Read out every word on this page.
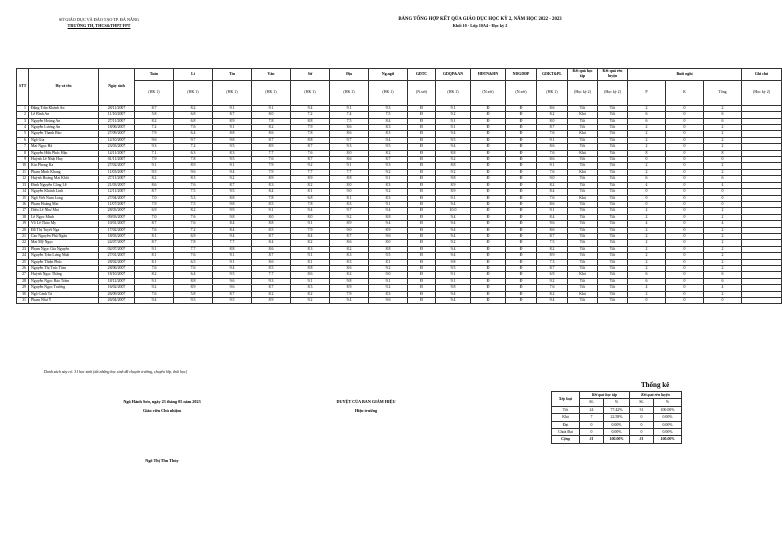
SỞ GIÁO DỤC VÀ ĐÀO TẠO TP. ĐÀ NẴNG
TRƯỜNG TH, THCS&THPT FPT
BẢNG TỔNG HỢP KẾT QỦA GIÁO DỤC HỌC KỲ 2, NĂM HỌC 2022 - 2023
Khối 10 - Lớp 10A4 - Học kỳ 2
STT	Họ và tên	Ngày sinh	Toán	Lí	Tin	Văn	Sử	Địa	Ng.ngữ	GDTC	GDQP&AN	HĐTN&HN	NDGDĐP	GDKT&PL	Kết quả học tập	Kết quả rèn luyện	Buổi nghỉ			Ghi chú
			(HK 1)	(HK 1)	(HK 1)	(HK 1)	(HK 1)	(HK 1)	(HK 1)	(N.xét)	(HK 1)	(N.xét)	(N.xét)	(HK 1)	(Học kỳ 2)	(Học kỳ 2)	P	K	Tổng	(Học kỳ 2)
1	Đặng Trần Khánh An	28/11/2007	8.7	8.2	9.1	9.1	9.4	9.1	9.3	Đ	9.1	Đ	Đ	8.6	Tốt	Tốt	2	0	2	
2	Lê Bình An	11/10/2007	5.8	6.8	8.7	8.0	7.2	7.4	7.5	Đ	9.2	Đ	Đ	8.2	Khá	Tốt	6	0	6	
3	Nguyễn Hoàng An	27/11/2007	8.2	6.8	8.9	7.8	8.8	7.5	8.4	Đ	9.1	Đ	Đ	8.0	Tốt	Tốt	6	0	6	
4	Nguyễn Lương An	18/06/2007	7.2	7.6	9.1	8.2	7.9	8.6	8.3	Đ	9.1	Đ	Đ	8.7	Tốt	Tốt	2	0	2	
5	Nguyễn Thanh Bảo	27/09/2007	7.9	6.4	8.8	8.6	7.8	8.6	8.3	Đ	9.4	Đ	Đ	7.6	Khá	Tốt	2	0	2	
6	Ngô Gia	12/10/2007	9.6	9.7	9.8	8.7	8.8	9.7	9.4	Đ	9.5	Đ	Đ	9.1	Tốt	Tốt	2	0	2	
7	Mai Ngọc Hà	23/03/2007	9.3	7.2	9.5	8.9	8.7	9.3	9.5	Đ	9.4	Đ	Đ	8.6	Tốt	Tốt	2	0	2	
8	Nguyễn Hữu Phúc Hậu	14/11/2007	7.1	6.3	8.3	7.7	7.6	8.0	8.2	Đ	8.8	Đ	Đ	7.6	Khá	Tốt	8	0	8	
9	Huỳnh Lê Nhật Huy	01/11/2007	7.9	7.8	9.5	7.6	8.7	8.6	8.7	Đ	9.2	Đ	Đ	8.6	Tốt	Tốt	0	0	0	
10	Kiu Phong Ka	27/02/2007	9.1	8.9	9.1	7.9	9.2	9.1	9.3	Đ	8.8	Đ	Đ	9.1	Tốt	Tốt	2	0	2	
11	Phạm Minh Khang	11/03/2007	9.5	9.6	9.4	7.9	7.7	7.7	9.2	Đ	9.2	Đ	Đ	7.6	Khá	Tốt	2	0	2	
12	Huỳnh Hoàng Mai Khôi	27/11/2007	8.2	8.3	9.2	8.9	8.9	8.8	9.1	Đ	9.8	Đ	Đ	9.0	Tốt	Tốt	6	0	6	
13	Đinh Nguyễn Công Lễ	21/03/2007	8.6	7.6	8.7	8.3	8.2	8.0	8.3	Đ	8.9	Đ	Đ	8.2	Tốt	Tốt	4	0	4	
14	Nguyễn Khánh Linh	12/11/2007	8.7	7.5	9.5	8.4	8.1	9.0	9.2	Đ	8.9	Đ	Đ	8.4	Tốt	Tốt	0	0	0	
15	Ngô Viết Nam Long	27/04/2007	7.0	5.3	8.8	7.8	6.8	8.1	8.3	Đ	9.1	Đ	Đ	7.6	Khá	Tốt	0	0	0	
16	Phạm Hoàng Mai	11/07/2007	7.9	7.5	9.8	8.5	7.8	8.3	9.1	Đ	9.4	Đ	Đ	8.6	Tốt	Tốt	0	0	0	
17	Diêu Lê Như Mai	28/03/2007	6.9	8.2	9.9	9.1	9.4	9.7	9.4	Đ	10.0	Đ	Đ	9.1	Tốt	Tốt	2	0	2	
18	Lê Ngọc Minh	09/03/2007	7.0	7.6	9.8	8.0	8.0	9.2	8.8	Đ	9.4	Đ	Đ	8.4	Tốt	Tốt	2	0	2	
19	Võ Lê Thảo My	10/01/2007	8.7	7.6	8.4	8.8	9.1	8.9	9.4	Đ	9.4	Đ	Đ	9.6	Tốt	Tốt	4	0	4	
20	Đỗ Thị Tuyết Nga	17/02/2007	7.6	7.2	8.4	8.5	7.9	9.0	8.9	Đ	9.4	Đ	Đ	8.6	Tốt	Tốt	2	0	2	
21	Cao Nguyễn Phú Ngân	18/03/2007	8.1	6.9	9.4	8.7	8.4	8.7	9.6	Đ	9.4	Đ	Đ	8.7	Tốt	Tốt	2	0	2	
22	Mai Mỹ Ngọc	24/07/2007	8.7	7.8	7.7	8.4	8.2	8.6	8.0	Đ	9.2	Đ	Đ	7.5	Tốt	Tốt	2	0	2	
23	Phạm Ngọc Gia Nguyên	02/07/2007	9.1	7.7	8.8	8.6	8.3	8.2	8.8	Đ	9.4	Đ	Đ	8.2	Tốt	Tốt	2	0	2	
24	Nguyễn Trần Lưng Nhật	27/01/2007	8.1	7.6	9.1	8.7	9.1	8.3	9.5	Đ	9.4	Đ	Đ	8.9	Tốt	Tốt	2	0	2	
25	Nguyễn Thiện Phúc	28/02/2007	8.1	6.5	9.1	8.6	8.1	8.3	8.1	Đ	9.8	Đ	Đ	7.3	Tốt	Tốt	2	0	2	
26	Nguyễn Thị Trúc Tâm	28/06/2007	7.6	7.6	9.4	8.5	8.8	8.6	9.2	Đ	9.5	Đ	Đ	8.7	Tốt	Tốt	2	0	2	
27	Huỳnh Ngọc Thắng	18/10/2007	8.2	6.4	9.5	7.7	8.6	8.2	9.0	Đ	9.1	Đ	Đ	6.9	Khá	Tốt	6	0	6	
28	Nguyễn Ngọc Bảo Trâm	18/12/2007	9.1	8.8	9.6	9.3	9.1	9.8	9.1	Đ	9.1	Đ	Đ	9.2	Tốt	Tốt	6	0	6	
29	Nguyễn Ngọc Trường	16/02/2007	9.2	8.9	9.6	8.7	8.3	8.9	9.2	Đ	9.8	Đ	Đ	7.6	Tốt	Tốt	4	0	4	
30	Ngô Cảnh Tú	26/09/2007	7.6	5.8	8.7	8.2	8.2	7.9	8.3	Đ	9.4	Đ	Đ	8.2	Khá	Tốt	2	0	2	
31	Phạm Như Ý	26/04/2007	9.4	9.5	9.5	8.9	9.2	9.4	9.6	Đ	9.4	Đ	Đ	9.4	Tốt	Tốt	0	0	0	
Danh sách này có: 31 học sinh (tất những học sinh đã chuyển trường, chuyển lớp, thôi học)
Thống kê
Xếp loại	Kết quả học tập		Kết quả rèn luyện	
	SL	%	SL	%
Tốt	24	77.42%	31	100.00%
Khá	7	22.58%	0	0.00%
Đạt	0	0.00%	0	0.00%
Chưa Đạt	0	0.00%	0	0.00%
Cộng	31	100.00%	31	100.00%
Ngũ Hành Sơn, ngày 23 tháng 05 năm 2023
Giáo viên Chủ nhiệm
Ngô Thị Thu Thủy
DUYỆT CỦA BAN GIÁM HIỆU
Hiệu trưởng
